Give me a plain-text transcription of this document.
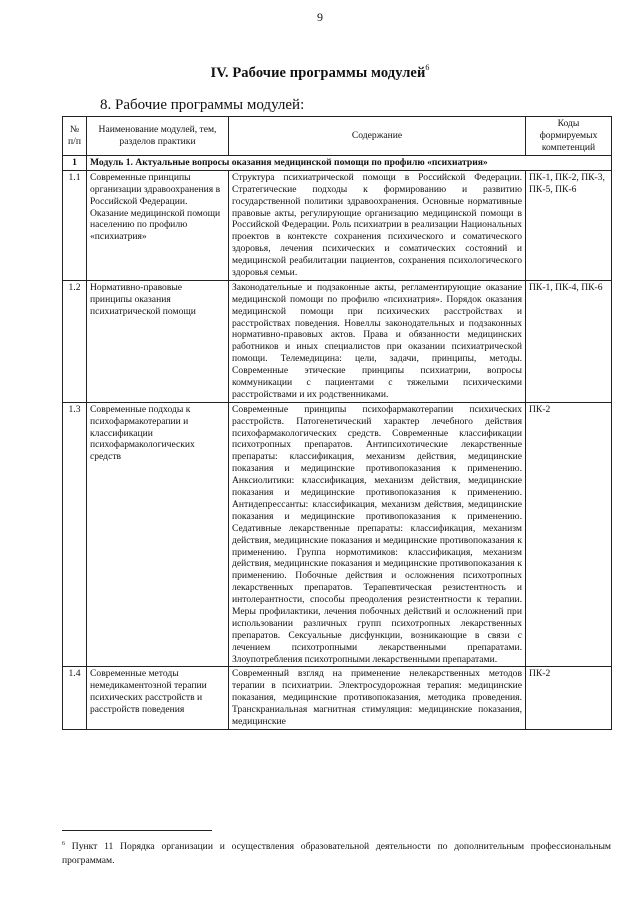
9
IV. Рабочие программы модулей$^6$
8. Рабочие программы модулей:
№ п/п	Наименование модулей, тем, разделов практики	Содержание	Коды формируемых компетенций
1	Модуль 1. Актуальные вопросы оказания медицинской помощи по профилю «психиатрия»		
1.1	Современные принципы организации здравоохранения в Российской Федерации. Оказание медицинской помощи населению по профилю «психиатрия»	Структура психиатрической помощи в Российской Федерации. Стратегические подходы к формированию и развитию государственной политики здравоохранения. Основные нормативные правовые акты, регулирующие организацию медицинской помощи в Российской Федерации. Роль психиатрии в реализации Национальных проектов в контексте сохранения психического и соматического здоровья, лечения психических и соматических состояний и медицинской реабилитации пациентов, сохранения психологического здоровья семьи.	ПК-1, ПК-2, ПК-3, ПК-5, ПК-6
1.2	Нормативно-правовые принципы оказания психиатрической помощи	Законодательные и подзаконные акты, регламентирующие оказание медицинской помощи по профилю «психиатрия». Порядок оказания медицинской помощи при психических расстройствах и расстройствах поведения. Новеллы законодательных и подзаконных нормативно-правовых актов. Права и обязанности медицинских работников и иных специалистов при оказании психиатрической помощи. Телемедицина: цели, задачи, принципы, методы. Современные этические принципы психиатрии, вопросы коммуникации с пациентами с тяжелыми психическими расстройствами и их родственниками.	ПК-1, ПК-4, ПК-6
1.3	Современные подходы к психофармакотерапии и классификации психофармакологических средств	Современные принципы психофармакотерапии психических расстройств. Патогенетический характер лечебного действия психофармакологических средств. Современные классификации психотропных препаратов. Антипсихотические лекарственные препараты: классификация, механизм действия, медицинские показания и медицинские противопоказания к применению. Анксиолитики: классификация, механизм действия, медицинские показания и медицинские противопоказания к применению. Антидепрессанты: классификация, механизм действия, медицинские показания и медицинские противопоказания к применению. Седативные лекарственные препараты: классификация, механизм действия, медицинские показания и медицинские противопоказания к применению. Группа нормотимиков: классификация, механизм действия, медицинские показания и медицинские противопоказания к применению. Побочные действия и осложнения психотропных лекарственных препаратов. Терапевтическая резистентность и интолерантности, способы преодоления резистентности к терапии. Меры профилактики, лечения побочных действий и осложнений при использовании различных групп психотропных лекарственных препаратов. Сексуальные дисфункции, возникающие в связи с лечением психотропными лекарственными препаратами. Злоупотребления психотропными лекарственными препаратами.	ПК-2
1.4	Современные методы немедикаментозной терапии психических расстройств и расстройств поведения	Современный взгляд на применение нелекарственных методов терапии в психиатрии. Электросудорожная терапия: медицинские показания, медицинские противопоказания, методика проведения. Транскраниальная магнитная стимуляция: медицинские показания, медицинские	ПК-2
$^6$ Пункт 11 Порядка организации и осуществления образовательной деятельности по дополнительным профессиональным программам.
